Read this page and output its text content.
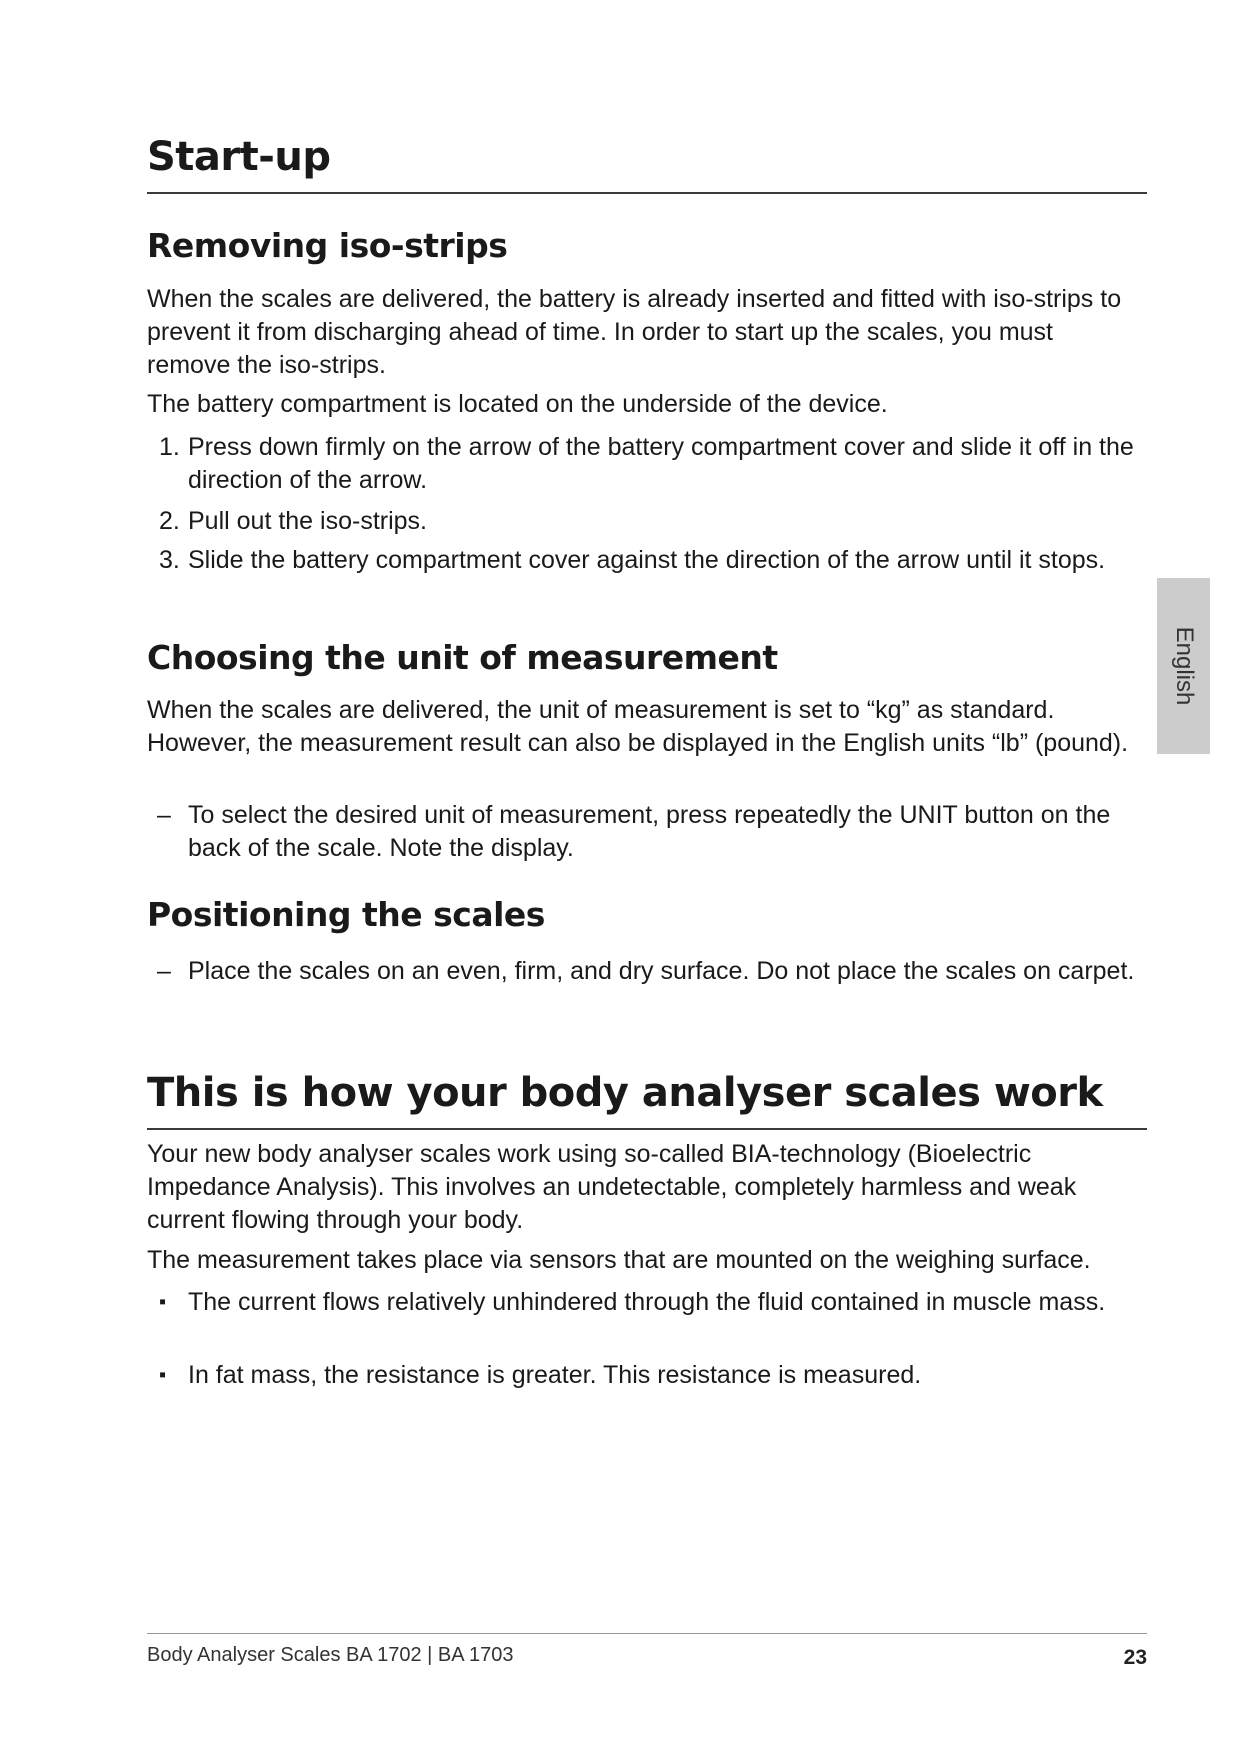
Start-up
Removing iso-strips

When the scales are delivered, the battery is already inserted and fitted with iso-strips to prevent it from discharging ahead of time. In order to start up the scales, you must remove the iso-strips.

The battery compartment is located on the underside of the device.

1. Press down firmly on the arrow of the battery compartment cover and slide it off in the direction of the arrow.
2. Pull out the iso-strips.
3. Slide the battery compartment cover against the direction of the arrow until it stops.
Choosing the unit of measurement

When the scales are delivered, the unit of measurement is set to “kg” as standard. However, the measurement result can also be displayed in the English units “lb” (pound).

– To select the desired unit of measurement, press repeatedly the UNIT button on the back of the scale. Note the display.
Positioning the scales
– Place the scales on an even, firm, and dry surface. Do not place the scales on carpet.
This is how your body analyser scales work

Your new body analyser scales work using so-called BIA-technology (Bioelectric Impedance Analysis). This involves an undetectable, completely harmless and weak current flowing through your body.

The measurement takes place via sensors that are mounted on the weighing surface.

▪ The current flows relatively unhindered through the fluid contained in muscle mass.
▪ In fat mass, the resistance is greater. This resistance is measured.
English
Body Analyser Scales BA 1702 | BA 1703	23
